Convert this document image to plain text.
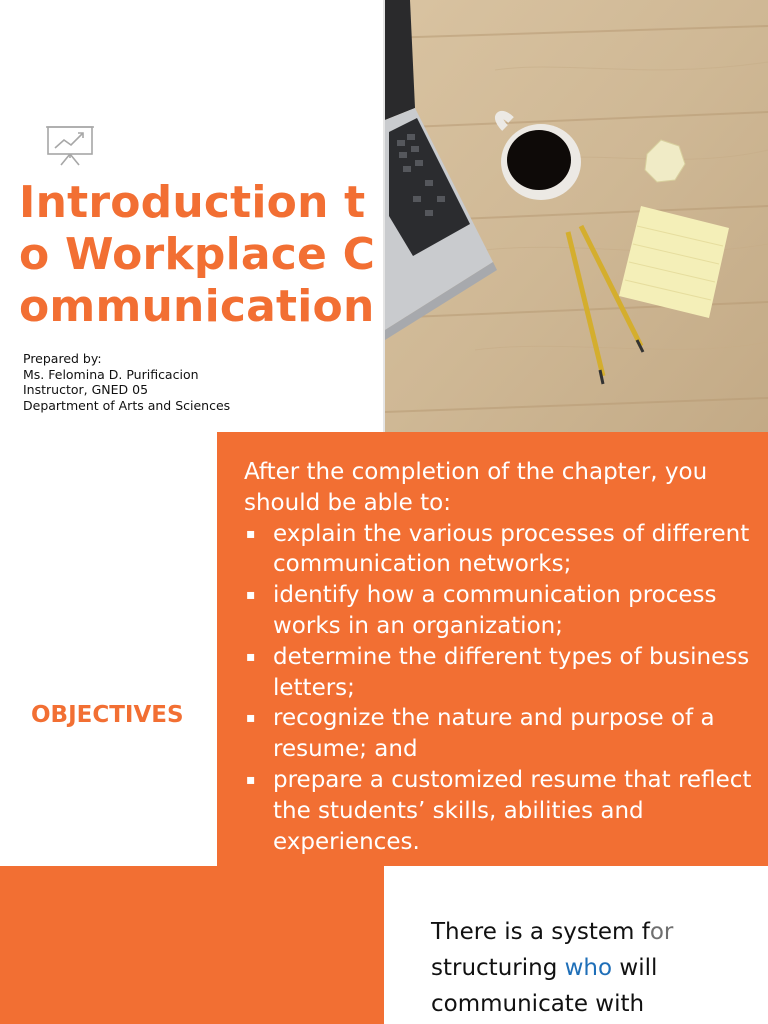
Introduction to Workplace Communication
Prepared by:
Ms. Felomina D. Purificacion
Instructor, GNED 05
Department of Arts and Sciences
OBJECTIVES

After the completion of the chapter, you should be able to:

▪ explain the various processes of different communication networks;
▪ identify how a communication process works in an organization;
▪ determine the different types of business letters;
▪ recognize the nature and purpose of a resume; and
▪ prepare a customized resume that reflect the students’ skills, abilities and experiences.
There is a system for structuring who will communicate with
